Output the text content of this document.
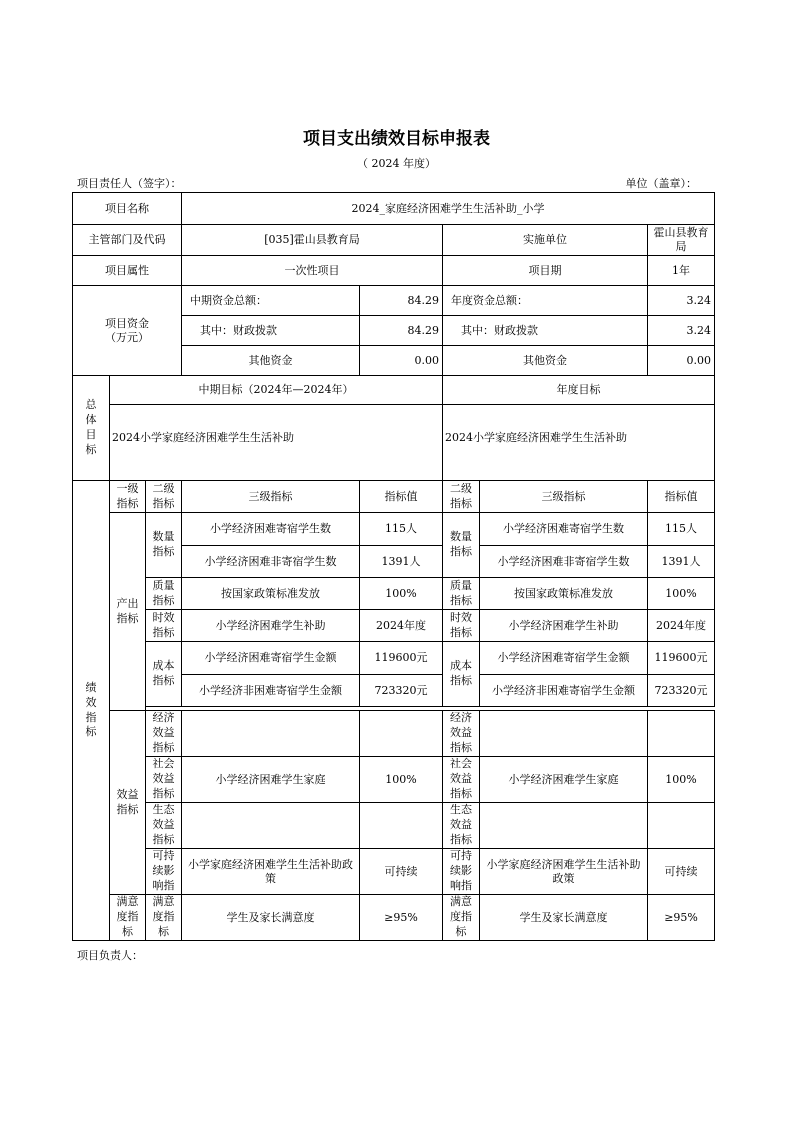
项目支出绩效目标申报表
（ 2024 年度）
项目责任人（签字）：	单位（盖章）：
项目名称			2024_家庭经济困难学生生活补助_小学				
主管部门及代码			[035]霍山县教育局		实施单位		霍山县教育局
项目属性			一次性项目		项目期		1年
项目资金（万元）			中期资金总额：	84.29	年度资金总额：		3.24
			其中：财政拨款	84.29	其中：财政拨款		3.24
			其他资金	0.00	其他资金		0.00
总体目标	中期目标（2024年—2024年）				年度目标		
	2024小学家庭经济困难学生生活补助				2024小学家庭经济困难学生生活补助		
绩效指标	一级指标	二级指标	三级指标	指标值	二级指标	三级指标	指标值
	产出指标	数量指标	小学经济困难寄宿学生数	115人	数量指标	小学经济困难寄宿学生数	115人
			小学经济困难非寄宿学生数	1391人		小学经济困难非寄宿学生数	1391人
		质量指标	按国家政策标准发放	100%	质量指标	按国家政策标准发放	100%
		时效指标	小学经济困难学生补助	2024年度	时效指标	小学经济困难学生补助	2024年度
		成本指标	小学经济困难寄宿学生金额	119600元	成本指标	小学经济困难寄宿学生金额	119600元
			小学经济非困难寄宿学生金额	723320元		小学经济非困难寄宿学生金额	723320元

	效益指标	经济效益指标			经济效益指标		
		社会效益指标	小学经济困难学生家庭	100%	社会效益指标	小学经济困难学生家庭	100%
		生态效益指标			生态效益指标		
		可持续影响指	小学家庭经济困难学生生活补助政策	可持续	可持续影响指	小学家庭经济困难学生生活补助政策	可持续
	满意度指标	满意度指标	学生及家长满意度	≥95%	满意度指标	学生及家长满意度	≥95%
项目负责人：
